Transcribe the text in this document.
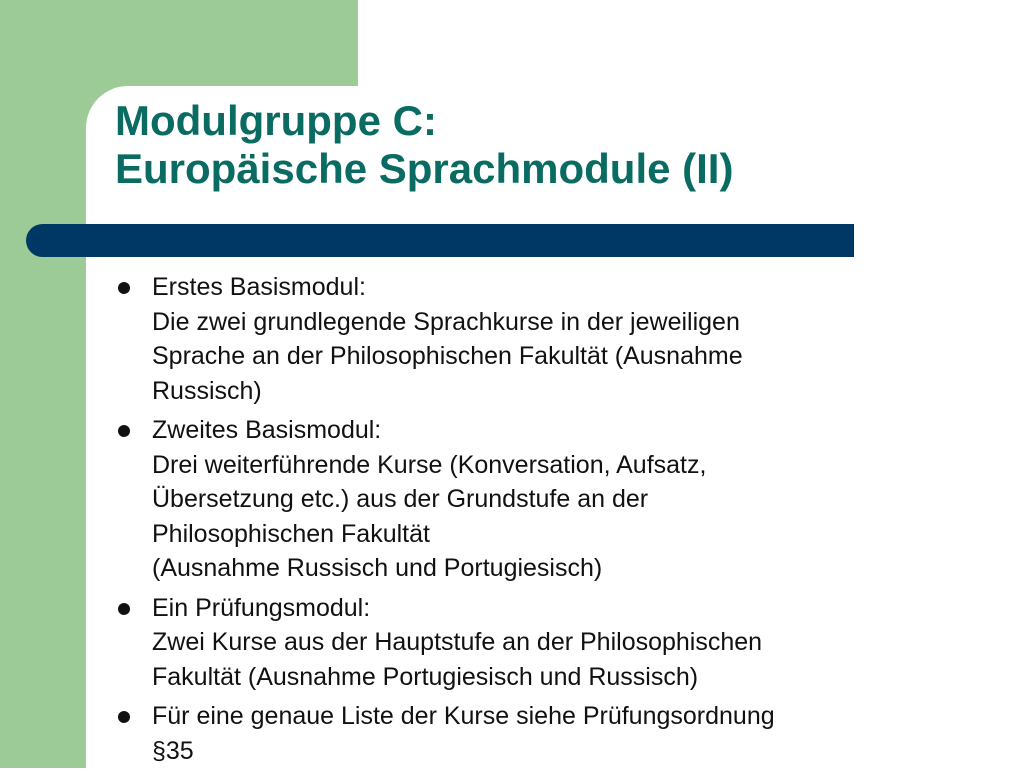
Modulgruppe C:
Europäische Sprachmodule (II)
Erstes Basismodul:
Die zwei grundlegende Sprachkurse in der jeweiligen
Sprache an der Philosophischen Fakultät (Ausnahme
Russisch)
Zweites Basismodul:
Drei weiterführende Kurse (Konversation, Aufsatz,
Übersetzung etc.) aus der Grundstufe an der
Philosophischen Fakultät
(Ausnahme Russisch und Portugiesisch)
Ein Prüfungsmodul:
Zwei Kurse aus der Hauptstufe an der Philosophischen
Fakultät (Ausnahme Portugiesisch und Russisch)
Für eine genaue Liste der Kurse siehe Prüfungsordnung
§35
